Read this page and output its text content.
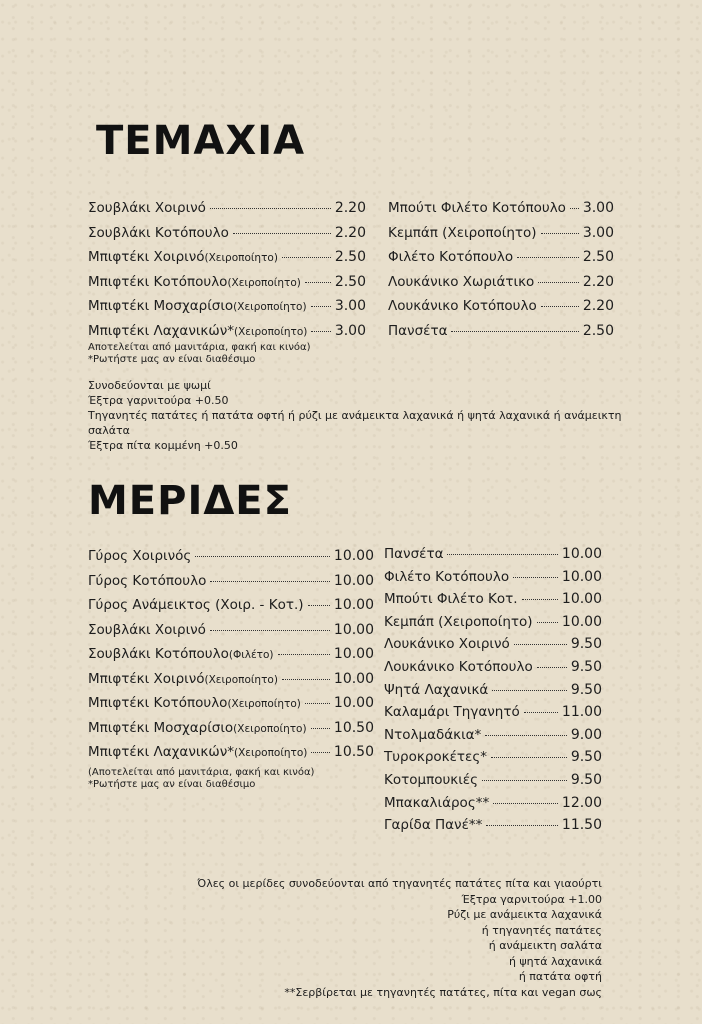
ΤΕΜΑΧΙΑ
Σουβλάκι Χοιρινό	2.20
Σουβλάκι Κοτόπουλο	2.20
Μπιφτέκι Χοιρινό (Χειροποίητο)	2.50
Μπιφτέκι Κοτόπουλο (Χειροποίητο) 2.50
Μπιφτέκι Μοσχαρίσιο (Χειροποίητο) 3.00
Μπιφτέκι Λαχανικών* (Χειροποίητο) 3.00
Αποτελείται από μανιτάρια, φακή και κινόα)
*Ρωτήστε μας αν είναι διαθέσιμο
Μπούτι Φιλέτο Κοτόπουλο 3.00
Κεμπάπ (Χειροποίητο)	3.00
Φιλέτο Κοτόπουλο	2.50
Λουκάνικο Χωριάτικο	2.20
Λουκάνικο Κοτόπουλο	2.20
Πανσέτα	2.50
Συνοδεύονται με ψωμί
Έξτρα γαρνιτούρα +0.50
Τηγανητές πατάτες ή πατάτα οφτή ή ρύζι με ανάμεικτα λαχανικά ή ψητά λαχανικά ή ανάμεικτη
σαλάτα
Έξτρα πίτα κομμένη +0.50
ΜΕΡΙΔΕΣ
Γύρος Χοιρινός	10.00
Γύρος Κοτόπουλο	10.00
Γύρος Ανάμεικτος (Χοιρ. - Κοτ.) 10.00
Σουβλάκι Χοιρινό	10.00
Σουβλάκι Κοτόπουλο (Φιλέτο)	10.00
Μπιφτέκι Χοιρινό (Χειροποίητο)	10.00
Μπιφτέκι Κοτόπουλο (Χειροποίητο) 10.00
Μπιφτέκι Μοσχαρίσιο (Χειροποίητο) 10.50
Μπιφτέκι Λαχανικών* (Χειροποίητο) 10.50
(Αποτελείται από μανιτάρια, φακή και κινόα)
*Ρωτήστε μας αν είναι διαθέσιμο
Πανσέτα	10.00
Φιλέτο Κοτόπουλο	10.00
Μπούτι Φιλέτο Κοτ.	10.00
Κεμπάπ (Χειροποίητο) 10.00
Λουκάνικο Χοιρινό	9.50
Λουκάνικο Κοτόπουλο	9.50
Ψητά Λαχανικά	9.50
Καλαμάρι Τηγανητό	11.00
Ντολμαδάκια*	9.00
Τυροκροκέτες*	9.50
Κοτομπουκιές	9.50
Μπακαλιάρος**	12.00
Γαρίδα Πανέ**	11.50
Όλες οι μερίδες συνοδεύονται από τηγανητές πατάτες πίτα και γιαούρτι
Έξτρα γαρνιτούρα +1.00
Ρύζι με ανάμεικτα λαχανικά
ή τηγανητές πατάτες
ή ανάμεικτη σαλάτα
ή ψητά λαχανικά
ή πατάτα οφτή
**Σερβίρεται με τηγανητές πατάτες, πίτα και vegan σως
